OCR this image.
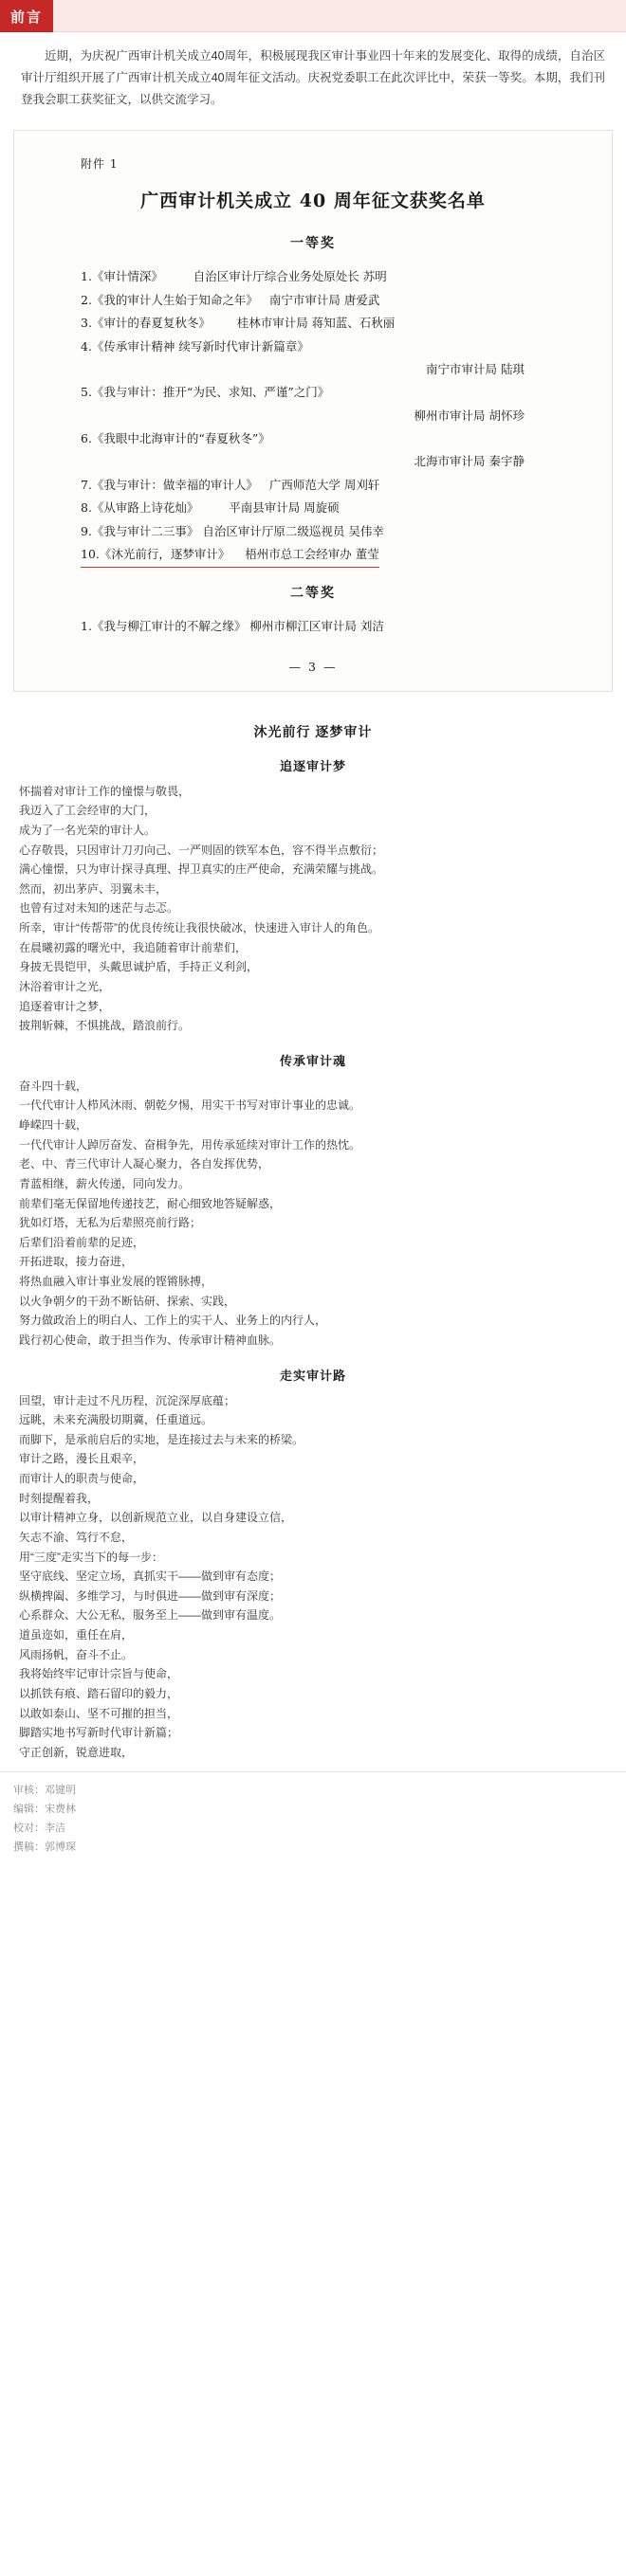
前言

近期，为庆祝广西审计机关成立40周年，积极展现我区审计事业四十年来的发展变化、取得的成绩，自治区审计厅组织开展了广西审计机关成立40周年征文活动。庆祝党委职工在此次评比中，荣获一等奖。本期，我们刊登我会职工获奖征文，以供交流学习。

附件 1
广西审计机关成立 40 周年征文获奖名单
一等奖
1.《审计情深》        自治区审计厅综合业务处原处长 苏明
2.《我的审计人生始于知命之年》   南宁市审计局 唐爱武
3.《审计的春夏复秋冬》       桂林市审计局 蒋知蓝、石秋丽
4.《传承审计精神 续写新时代审计新篇章》
南宁市审计局 陆琪
5.《我与审计：推开“为民、求知、严谨”之门》
柳州市审计局 胡怀珍
6.《我眼中北海审计的“春夏秋冬”》
北海市审计局 秦宇静
7.《我与审计：做幸福的审计人》   广西师范大学 周刈轩
8.《从审路上诗花灿》        平南县审计局 周旋硕
9.《我与审计二三事》 自治区审计厅原二级巡视员 吴伟幸
10.《沐光前行，逐梦审计》    梧州市总工会经审办 董莹
二等奖
1.《我与柳江审计的不解之缘》 柳州市柳江区审计局 刘洁
— 3 —
沐光前行 逐梦审计
追逐审计梦

怀揣着对审计工作的憧憬与敬畏，

我迈入了工会经审的大门，

成为了一名光荣的审计人。

心存敬畏，只因审计刀刃向己、一严则固的铁军本色，容不得半点敷衍；

满心憧憬，只为审计探寻真理、捍卫真实的庄严使命，充满荣耀与挑战。

然而，初出茅庐、羽翼未丰，

也曾有过对未知的迷茫与忐忑。

所幸，审计“传帮带”的优良传统让我很快破冰，快速进入审计人的角色。

在晨曦初露的曙光中，我追随着审计前辈们，

身披无畏铠甲，头戴思诚护盾，手持正义利剑，

沐浴着审计之光，

追逐着审计之梦，

披荆斩棘，不惧挑战，踏浪前行。

传承审计魂

奋斗四十载，

一代代审计人栉风沐雨、朝乾夕惕，用实干书写对审计事业的忠诚。

峥嵘四十载，

一代代审计人踔厉奋发、奋楫争先，用传承延续对审计工作的热忱。

老、中、青三代审计人凝心聚力，各自发挥优势，

青蓝相继，薪火传递，同向发力。

前辈们毫无保留地传递技艺，耐心细致地答疑解惑，

犹如灯塔，无私为后辈照亮前行路；

后辈们沿着前辈的足迹，

开拓进取，接力奋进，

将热血融入审计事业发展的铿锵脉搏，

以火争朝夕的干劲不断钻研、探索、实践，

努力做政治上的明白人、工作上的实干人、业务上的内行人，

践行初心使命，敢于担当作为、传承审计精神血脉。

走实审计路

回望，审计走过不凡历程，沉淀深厚底蕴；

远眺，未来充满殷切期冀，任重道远。

而脚下，是承前启后的实地，是连接过去与未来的桥梁。

审计之路，漫长且艰辛，

而审计人的职责与使命，

时刻提醒着我，

以审计精神立身，以创新规范立业，以自身建设立信，

矢志不渝、笃行不怠，

用“三度”走实当下的每一步：

坚守底线、坚定立场，真抓实干——做到审有态度；

纵横捭阖、多维学习，与时俱进——做到审有深度；

心系群众、大公无私，服务至上——做到审有温度。

道虽迩如，重任在肩，

风雨扬帆，奋斗不止。

我将始终牢记审计宗旨与使命，

以抓铁有痕、踏石留印的毅力，

以敢如泰山、坚不可摧的担当，

脚踏实地书写新时代审计新篇；

守正创新，锐意进取，

审核：邓键明

编辑：宋费林

校对：李洁

撰稿：郭博琛
